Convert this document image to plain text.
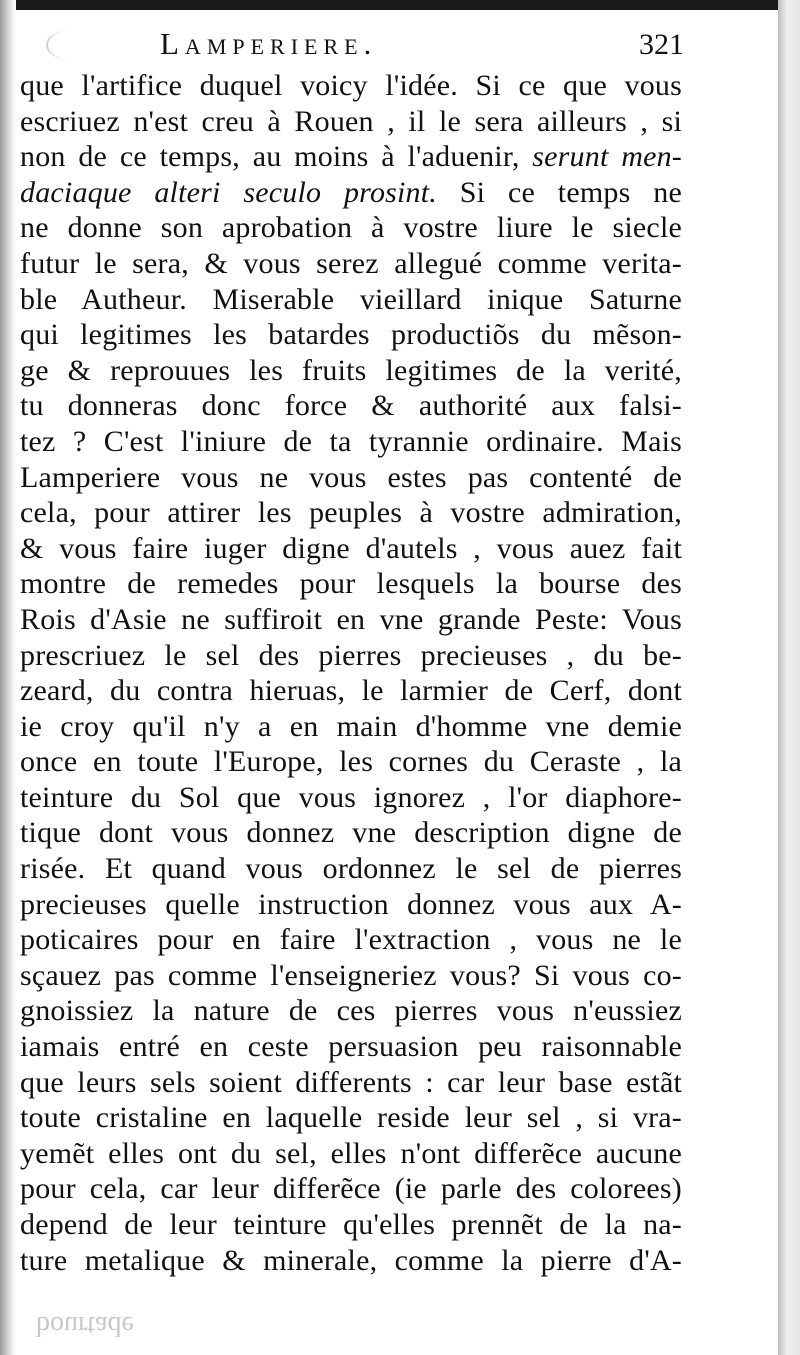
Lamperiere.	321
que l'artifice duquel voicy l'idée. Si ce que vous
escriuez n'est creu à Rouen , il le sera ailleurs , si
non de ce temps, au moins à l'aduenir, serunt men-
daciaque alteri seculo prosint. Si ce temps ne
ne donne son aprobation à vostre liure le siecle
futur le sera, & vous serez allegué comme verita-
ble Autheur. Miserable vieillard inique Saturne
qui legitimes les batardes productiõs du mẽson-
ge & reprouues les fruits legitimes de la verité,
tu donneras donc force & authorité aux falsi-
tez ? C'est l'iniure de ta tyrannie ordinaire. Mais
Lamperiere vous ne vous estes pas contenté de
cela, pour attirer les peuples à vostre admiration,
& vous faire iuger digne d'autels , vous auez fait
montre de remedes pour lesquels la bourse des
Rois d'Asie ne suffiroit en vne grande Peste: Vous
prescriuez le sel des pierres precieuses , du be-
zeard, du contra hieruas, le larmier de Cerf, dont
ie croy qu'il n'y a en main d'homme vne demie
once en toute l'Europe, les cornes du Ceraste , la
teinture du Sol que vous ignorez , l'or diaphore-
tique dont vous donnez vne description digne de
risée. Et quand vous ordonnez le sel de pierres
precieuses quelle instruction donnez vous aux A-
poticaires pour en faire l'extraction , vous ne le
sçauez pas comme l'enseigneriez vous? Si vous co-
gnoissiez la nature de ces pierres vous n'eussiez
iamais entré en ceste persuasion peu raisonnable
que leurs sels soient differents : car leur base estãt
toute cristaline en laquelle reside leur sel , si vra-
yemẽt elles ont du sel, elles n'ont differẽce aucune
pour cela, car leur differẽce (ie parle des colorees)
depend de leur teinture qu'elles prennẽt de la na-
ture metalique & minerale, comme la pierre d'A-
bourtade
